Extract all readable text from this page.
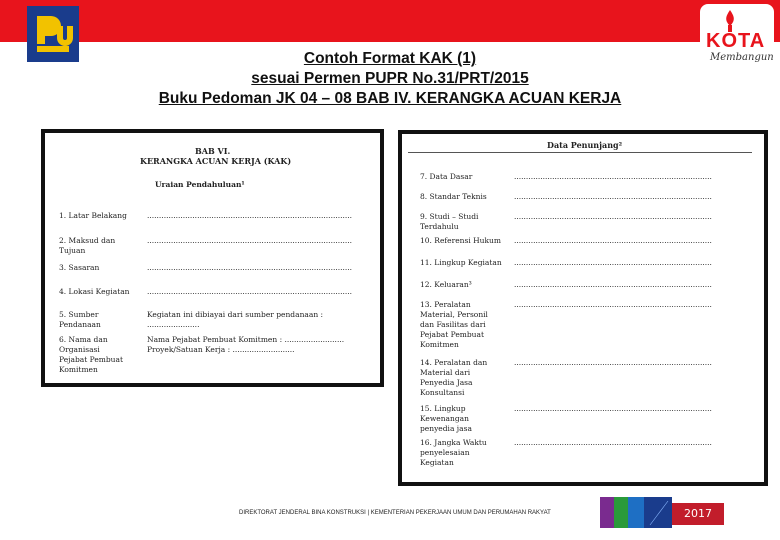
KOTA
Membangun
Contoh Format KAK (1)
sesuai Permen PUPR No.31/PRT/2015
Buku Pedoman JK 04 – 08 BAB IV. KERANGKA ACUAN KERJA
BAB VI.
KERANGKA ACUAN KERJA (KAK)
Uraian Pendahuluan¹
1. Latar Belakang	......................................................................................
2. Maksud dan Tujuan
......................................................................................
3. Sasaran	......................................................................................
4. Lokasi Kegiatan	......................................................................................
5. Sumber Pendanaan
Kegiatan ini dibiayai dari sumber pendanaan : ......................
6. Nama dan Organisasi Pejabat Pembuat Komitmen
Nama Pejabat Pembuat Komitmen : ......................... Proyek/Satuan Kerja : ..........................
Data Penunjang²
7. Data Dasar	...................................................................................
8. Standar Teknis	...................................................................................
9. Studi – Studi Terdahulu
...................................................................................
10. Referensi Hukum	...................................................................................
11. Lingkup Kegiatan	...................................................................................
12. Keluaran³	...................................................................................
13. Peralatan Material, Personil dan Fasilitas dari Pejabat Pembuat Komitmen
...................................................................................
14. Peralatan dan Material dari Penyedia Jasa Konsultansi
...................................................................................
15. Lingkup Kewenangan penyedia jasa
...................................................................................
16. Jangka Waktu penyelesaian Kegiatan
...................................................................................
DIREKTORAT JENDERAL BINA KONSTRUKSI | KEMENTERIAN PEKERJAAN UMUM DAN PERUMAHAN RAKYAT	2017
